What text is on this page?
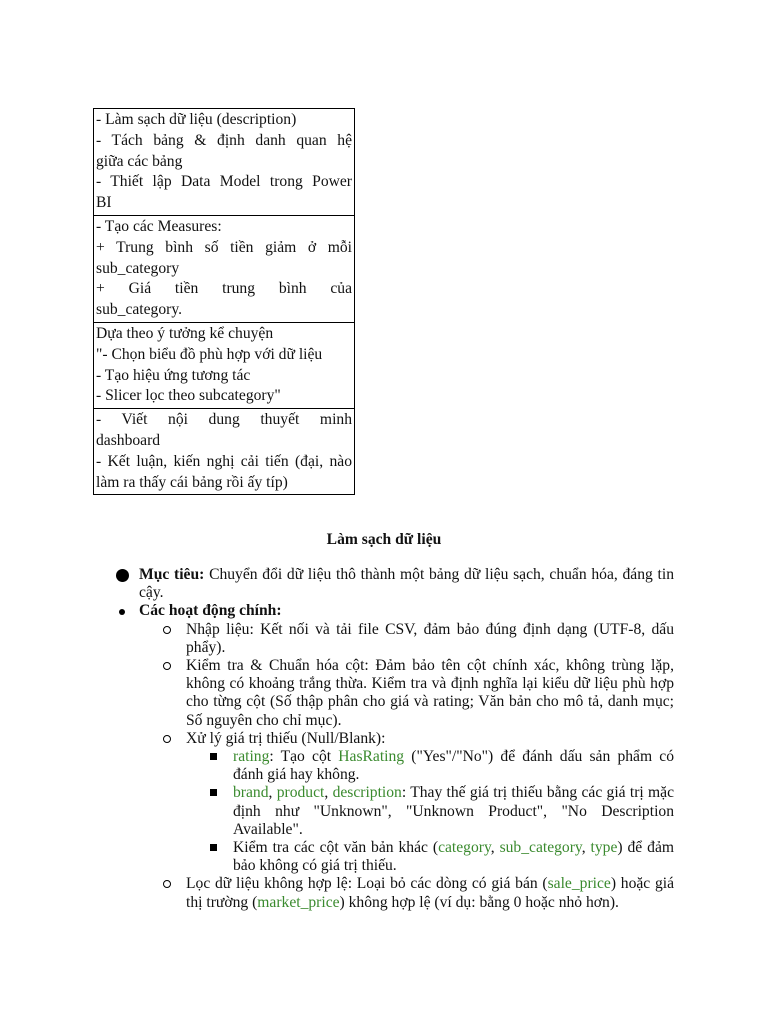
- Làm sạch dữ liệu (description)
- Tách bảng & định danh quan hệ
giữa các bảng
- Thiết lập Data Model trong Power
BI

- Tạo các Measures:
+ Trung bình số tiền giảm ở mỗi
sub_category
+ Giá tiền trung bình của
sub_category.

Dựa theo ý tưởng kể chuyện
"- Chọn biểu đồ phù hợp với dữ liệu
- Tạo hiệu ứng tương tác
- Slicer lọc theo subcategory"

- Viết nội dung thuyết minh
dashboard
- Kết luận, kiến nghị cải tiến (đại, nào
làm ra thấy cái bảng rồi ấy típ)
Làm sạch dữ liệu
Mục tiêu: Chuyển đổi dữ liệu thô thành một bảng dữ liệu sạch, chuẩn hóa, đáng tin cậy.
Các hoạt động chính:
Nhập liệu: Kết nối và tải file CSV, đảm bảo đúng định dạng (UTF-8, dấu phẩy).
Kiểm tra & Chuẩn hóa cột: Đảm bảo tên cột chính xác, không trùng lặp, không có khoảng trắng thừa. Kiểm tra và định nghĩa lại kiểu dữ liệu phù hợp cho từng cột (Số thập phân cho giá và rating; Văn bản cho mô tả, danh mục; Số nguyên cho chỉ mục).
Xử lý giá trị thiếu (Null/Blank):
rating: Tạo cột HasRating ("Yes"/"No") để đánh dấu sản phẩm có đánh giá hay không.
brand, product, description: Thay thế giá trị thiếu bằng các giá trị mặc định như "Unknown", "Unknown Product", "No Description Available".
Kiểm tra các cột văn bản khác (category, sub_category, type) để đảm bảo không có giá trị thiếu.
Lọc dữ liệu không hợp lệ: Loại bỏ các dòng có giá bán (sale_price) hoặc giá thị trường (market_price) không hợp lệ (ví dụ: bằng 0 hoặc nhỏ hơn).
